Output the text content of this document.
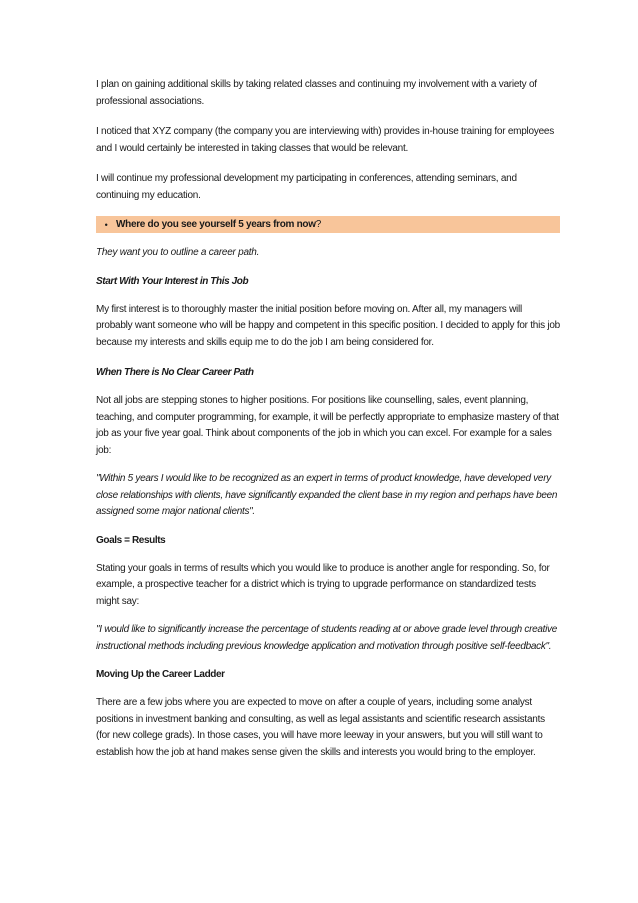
I plan on gaining additional skills by taking related classes and continuing my involvement with a variety of professional associations.

I noticed that XYZ company (the company you are interviewing with) provides in-house training for employees and I would certainly be interested in taking classes that would be relevant.

I will continue my professional development my participating in conferences, attending seminars, and continuing my education.

• Where do you see yourself 5 years from now ?

They want you to outline a career path.

Start With Your Interest in This Job

My first interest is to thoroughly master the initial position before moving on. After all, my managers will probably want someone who will be happy and competent in this specific position. I decided to apply for this job because my interests and skills equip me to do the job I am being considered for.

When There is No Clear Career Path

Not all jobs are stepping stones to higher positions. For positions like counselling, sales, event planning, teaching, and computer programming, for example, it will be perfectly appropriate to emphasize mastery of that job as your five year goal. Think about components of the job in which you can excel. For example for a sales job:

"Within 5 years I would like to be recognized as an expert in terms of product knowledge, have developed very close relationships with clients, have significantly expanded the client base in my region and perhaps have been assigned some major national clients".

Goals = Results

Stating your goals in terms of results which you would like to produce is another angle for responding. So, for example, a prospective teacher for a district which is trying to upgrade performance on standardized tests might say:

"I would like to significantly increase the percentage of students reading at or above grade level through creative instructional methods including previous knowledge application and motivation through positive self-feedback".

Moving Up the Career Ladder

There are a few jobs where you are expected to move on after a couple of years, including some analyst positions in investment banking and consulting, as well as legal assistants and scientific research assistants (for new college grads). In those cases, you will have more leeway in your answers, but you will still want to establish how the job at hand makes sense given the skills and interests you would bring to the employer.
